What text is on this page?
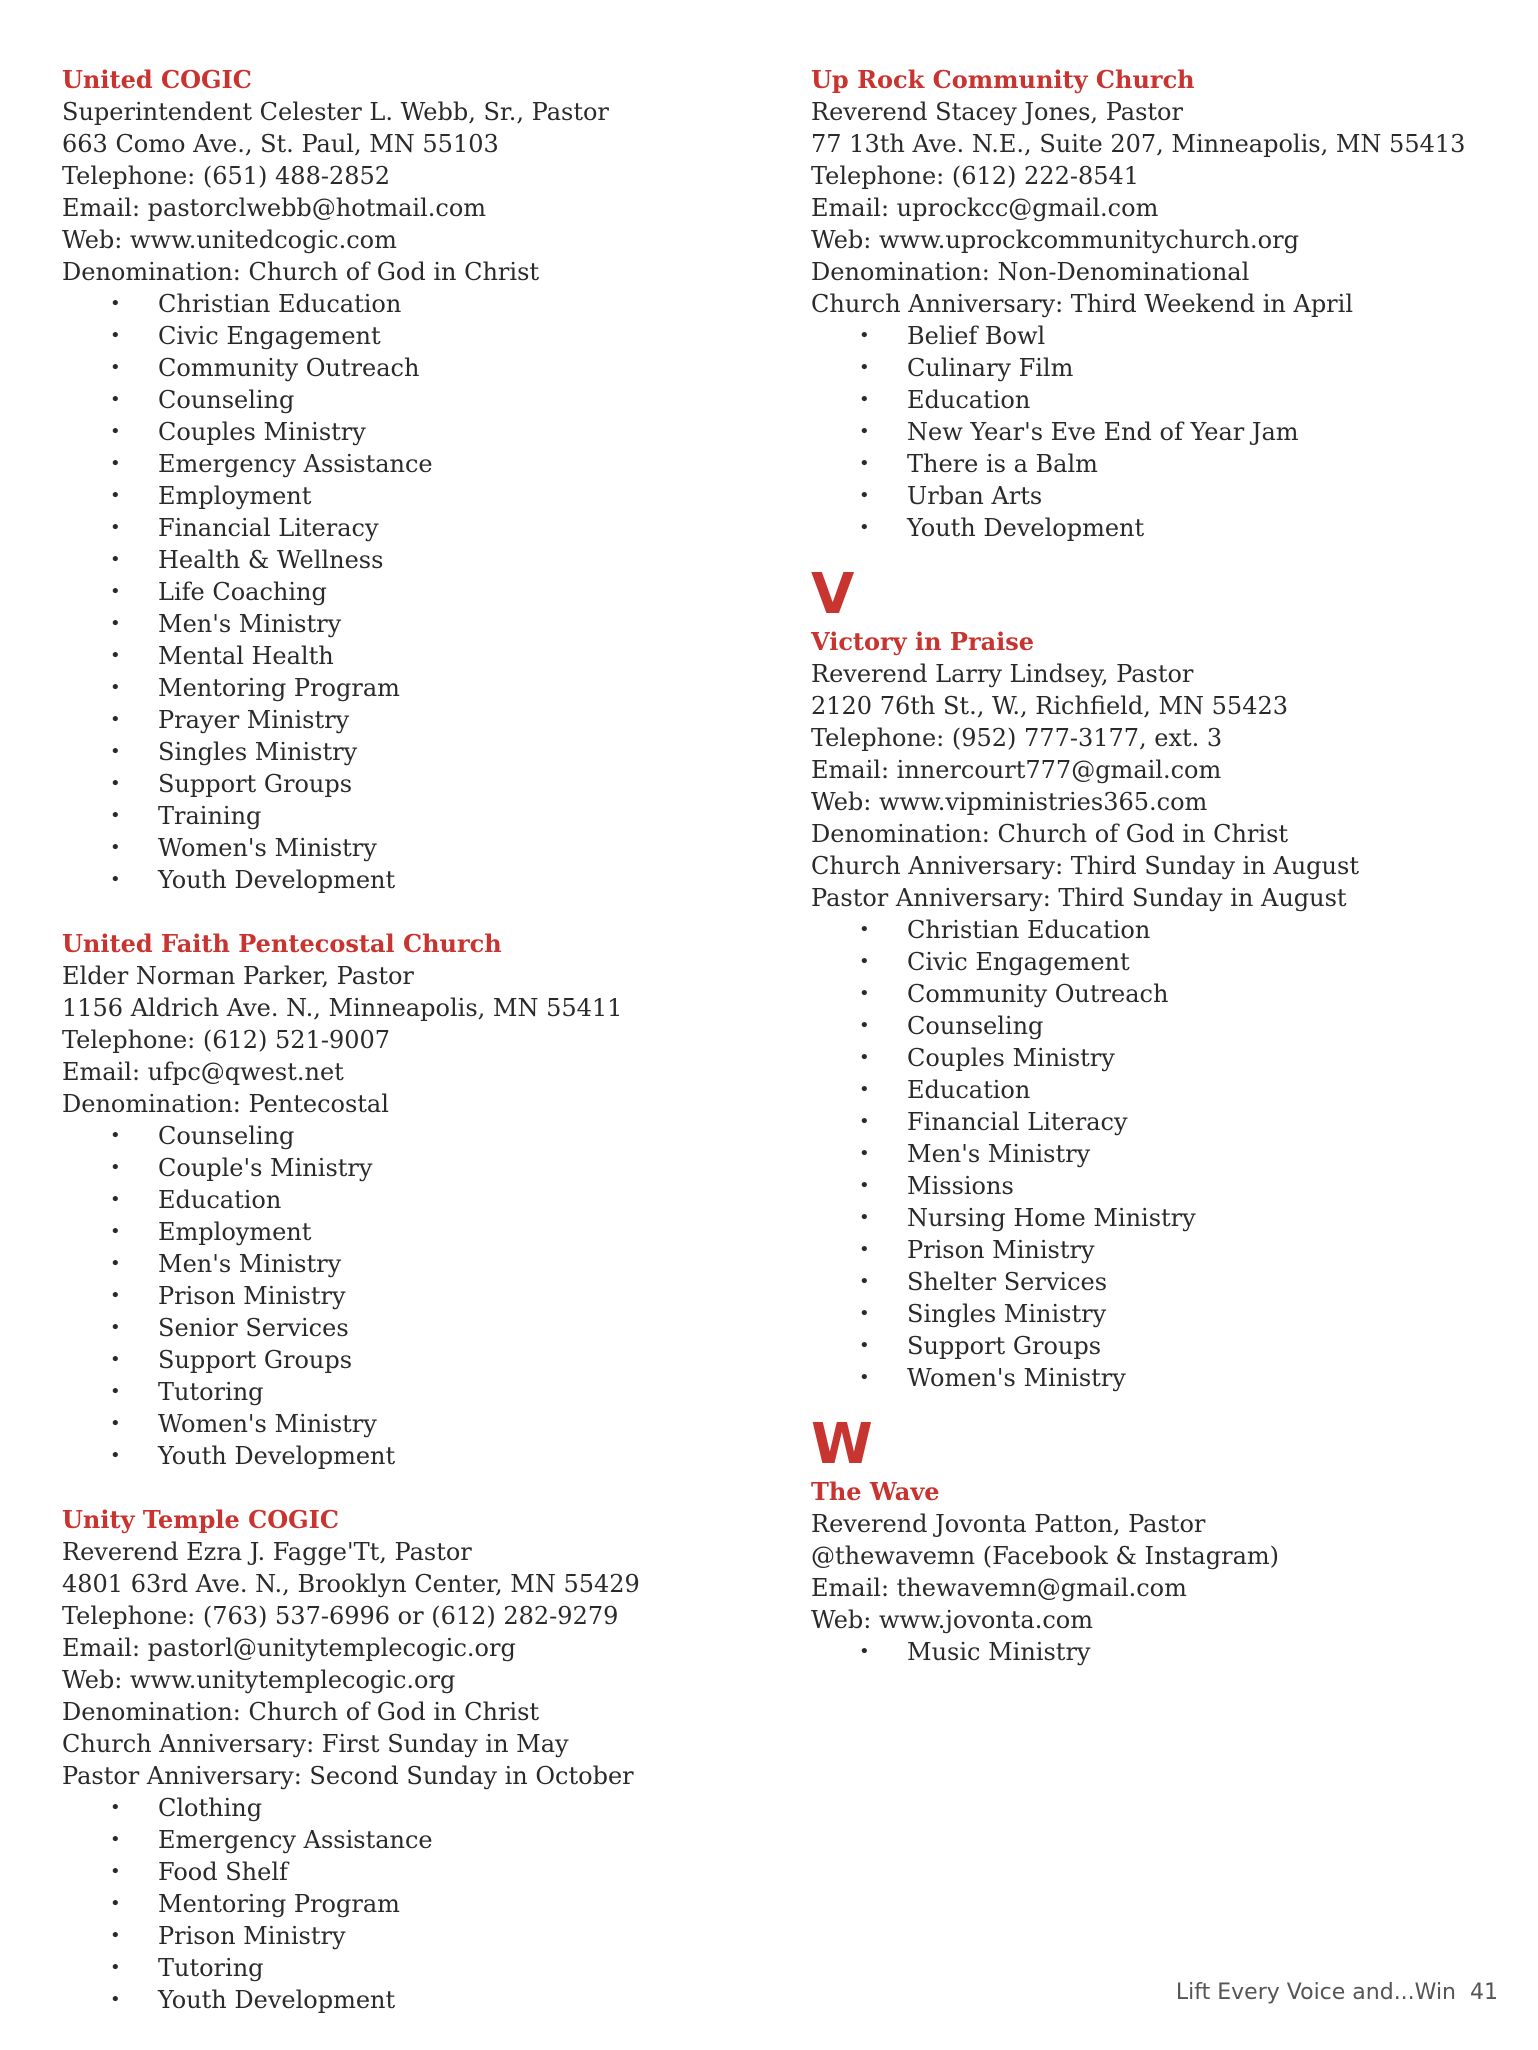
United COGIC
Superintendent Celester L. Webb, Sr., Pastor
663 Como Ave., St. Paul, MN 55103
Telephone: (651) 488-2852
Email: pastorclwebb@hotmail.com
Web: www.unitedcogic.com
Denomination: Church of God in Christ
• Christian Education
• Civic Engagement
• Community Outreach
• Counseling
• Couples Ministry
• Emergency Assistance
• Employment
• Financial Literacy
• Health & Wellness
• Life Coaching
• Men's Ministry
• Mental Health
• Mentoring Program
• Prayer Ministry
• Singles Ministry
• Support Groups
• Training
• Women's Ministry
• Youth Development
United Faith Pentecostal Church
Elder Norman Parker, Pastor
1156 Aldrich Ave. N., Minneapolis, MN 55411
Telephone: (612) 521-9007
Email: ufpc@qwest.net
Denomination: Pentecostal
• Counseling
• Couple's Ministry
• Education
• Employment
• Men's Ministry
• Prison Ministry
• Senior Services
• Support Groups
• Tutoring
• Women's Ministry
• Youth Development
Unity Temple COGIC
Reverend Ezra J. Fagge'Tt, Pastor
4801 63rd Ave. N., Brooklyn Center, MN 55429
Telephone: (763) 537-6996 or (612) 282-9279
Email: pastorl@unitytemplecogic.org
Web: www.unitytemplecogic.org
Denomination: Church of God in Christ
Church Anniversary: First Sunday in May
Pastor Anniversary: Second Sunday in October
• Clothing
• Emergency Assistance
• Food Shelf
• Mentoring Program
• Prison Ministry
• Tutoring
• Youth Development
Up Rock Community Church
Reverend Stacey Jones, Pastor
77 13th Ave. N.E., Suite 207, Minneapolis, MN 55413
Telephone: (612) 222-8541
Email: uprockcc@gmail.com
Web: www.uprockcommunitychurch.org
Denomination: Non-Denominational
Church Anniversary: Third Weekend in April
• Belief Bowl
• Culinary Film
• Education
• New Year's Eve End of Year Jam
• There is a Balm
• Urban Arts
• Youth Development
V
Victory in Praise
Reverend Larry Lindsey, Pastor
2120 76th St., W., Richfield, MN 55423
Telephone: (952) 777-3177, ext. 3
Email: innercourt777@gmail.com
Web: www.vipministries365.com
Denomination: Church of God in Christ
Church Anniversary: Third Sunday in August
Pastor Anniversary: Third Sunday in August
• Christian Education
• Civic Engagement
• Community Outreach
• Counseling
• Couples Ministry
• Education
• Financial Literacy
• Men's Ministry
• Missions
• Nursing Home Ministry
• Prison Ministry
• Shelter Services
• Singles Ministry
• Support Groups
• Women's Ministry
W
The Wave
Reverend Jovonta Patton, Pastor
@thewavemn (Facebook & Instagram)
Email: thewavemn@gmail.com
Web: www.jovonta.com
• Music Ministry
Lift Every Voice and...Win 41
